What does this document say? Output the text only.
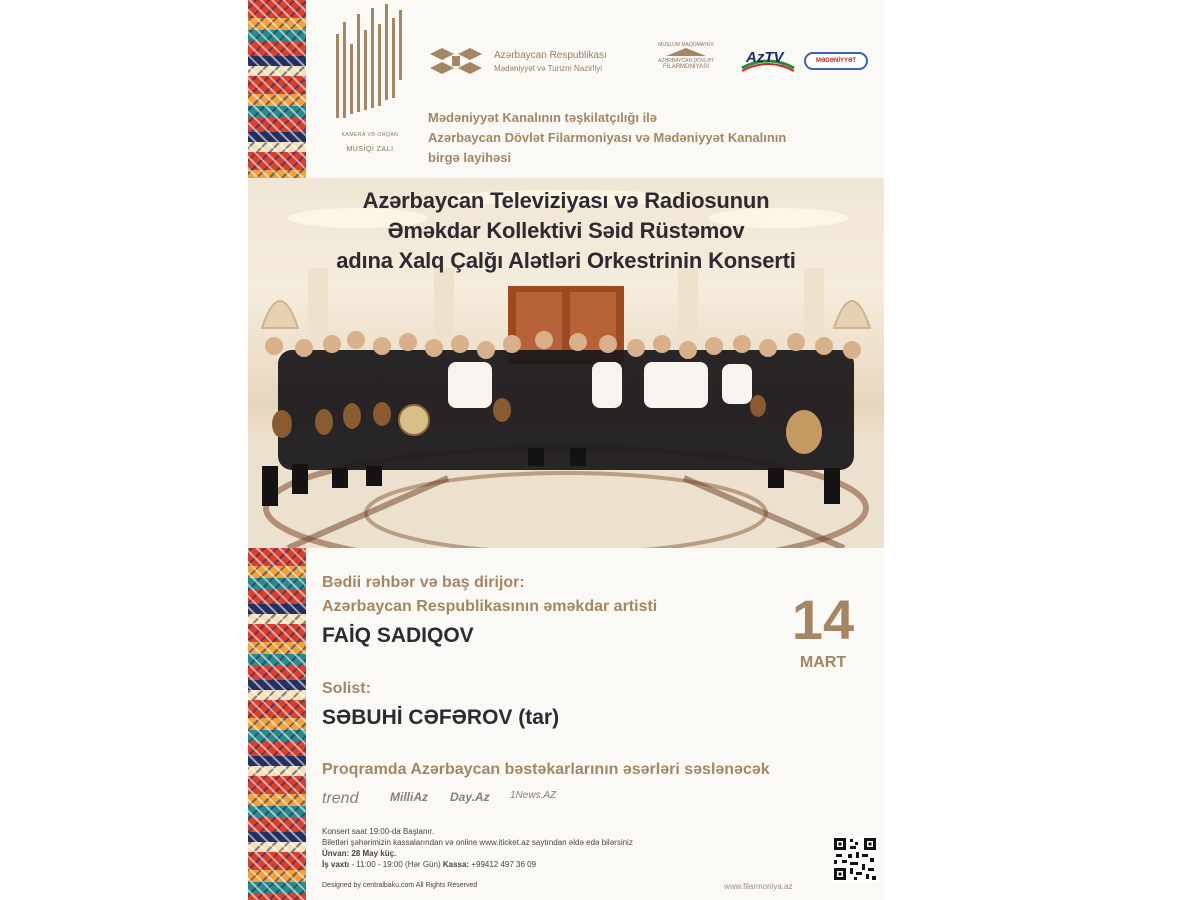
KAMERA VƏ ORQAN
MUSİQİ ZALI
Azərbaycan Respublikası
Mədəniyyət və Turizm Nazirliyi
MÜSLÜM MAQOMAYEV
AZƏRBAYCAN DÖVLƏT
FİLARMONİYASI
AzTV	MƏDƏNİYYƏT
Mədəniyyət Kanalının təşkilatçılığı ilə
Azərbaycan Dövlət Filarmoniyası və Mədəniyyət Kanalının
birgə layihəsi
Azərbaycan Televiziyası və Radiosunun
Əməkdar Kollektivi Səid Rüstəmov
adına Xalq Çalğı Alətləri Orkestrinin Konserti
Bədii rəhbər və baş dirijor:
Azərbaycan Respublikasının əməkdar artisti
FAİQ SADIQOV	14
MART
Solist:
SƏBUHİ CƏFƏROV (tar)
Proqramda Azərbaycan bəstəkarlarının əsərləri səslənəcək
trend	MilliAz Day.Az 1News.AZ
Konsert saat 19:00-da Başlanır.
Biletləri şəhərimizin kassalarından və online www.iticket.az saytından əldə edə bilərsiniz
Ünvan: 28 May küç.
İş vaxtı - 11:00 - 19:00 (Hər Gün) Kassa: +99412 497 36 09
Designed by centralbaku.com All Rights Reserved	www.filarmoniya.az
